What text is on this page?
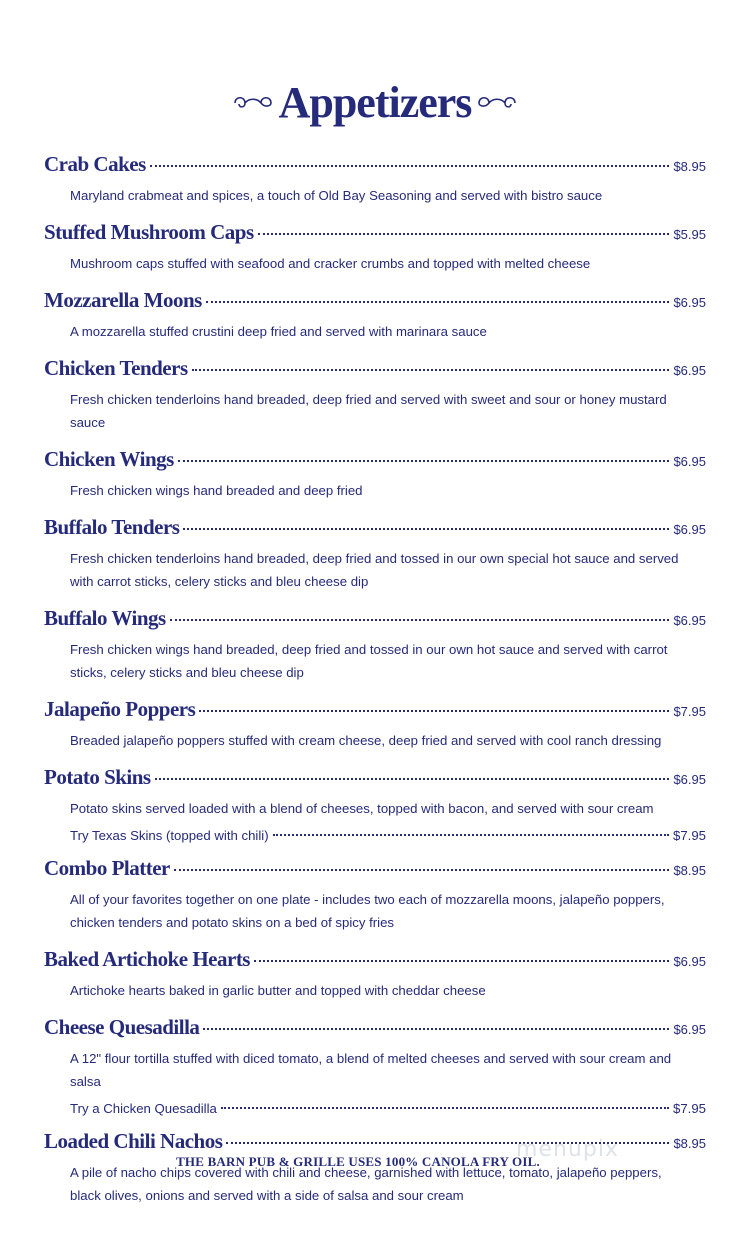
Appetizers
Crab Cakes	$8.95
Maryland crabmeat and spices, a touch of Old Bay Seasoning and served with bistro sauce
Stuffed Mushroom Caps	$5.95
Mushroom caps stuffed with seafood and cracker crumbs and topped with melted cheese
Mozzarella Moons	$6.95
A mozzarella stuffed crustini deep fried and served with marinara sauce
Chicken Tenders	$6.95
Fresh chicken tenderloins hand breaded, deep fried and served with sweet and sour or honey mustard sauce
Chicken Wings	$6.95
Fresh chicken wings hand breaded and deep fried
Buffalo Tenders	$6.95
Fresh chicken tenderloins hand breaded, deep fried and tossed in our own special hot sauce and served with carrot sticks, celery sticks and bleu cheese dip
Buffalo Wings	$6.95
Fresh chicken wings hand breaded, deep fried and tossed in our own hot sauce and served with carrot sticks, celery sticks and bleu cheese dip
Jalapeño Poppers	$7.95
Breaded jalapeño poppers stuffed with cream cheese, deep fried and served with cool ranch dressing
Potato Skins	$6.95
Potato skins served loaded with a blend of cheeses, topped with bacon, and served with sour cream
Try Texas Skins (topped with chili)	$7.95
Combo Platter	$8.95
All of your favorites together on one plate - includes two each of mozzarella moons, jalapeño poppers, chicken tenders and potato skins on a bed of spicy fries
Baked Artichoke Hearts	$6.95
Artichoke hearts baked in garlic butter and topped with cheddar cheese
Cheese Quesadilla	$6.95
A 12" flour tortilla stuffed with diced tomato, a blend of melted cheeses and served with sour cream and salsa
Try a Chicken Quesadilla	$7.95
Loaded Chili Nachos	$8.95
A pile of nacho chips covered with chili and cheese, garnished with lettuce, tomato, jalapeño peppers, black olives, onions and served with a side of salsa and sour cream
THE BARN PUB & GRILLE USES 100% CANOLA FRY OIL.
menupix
